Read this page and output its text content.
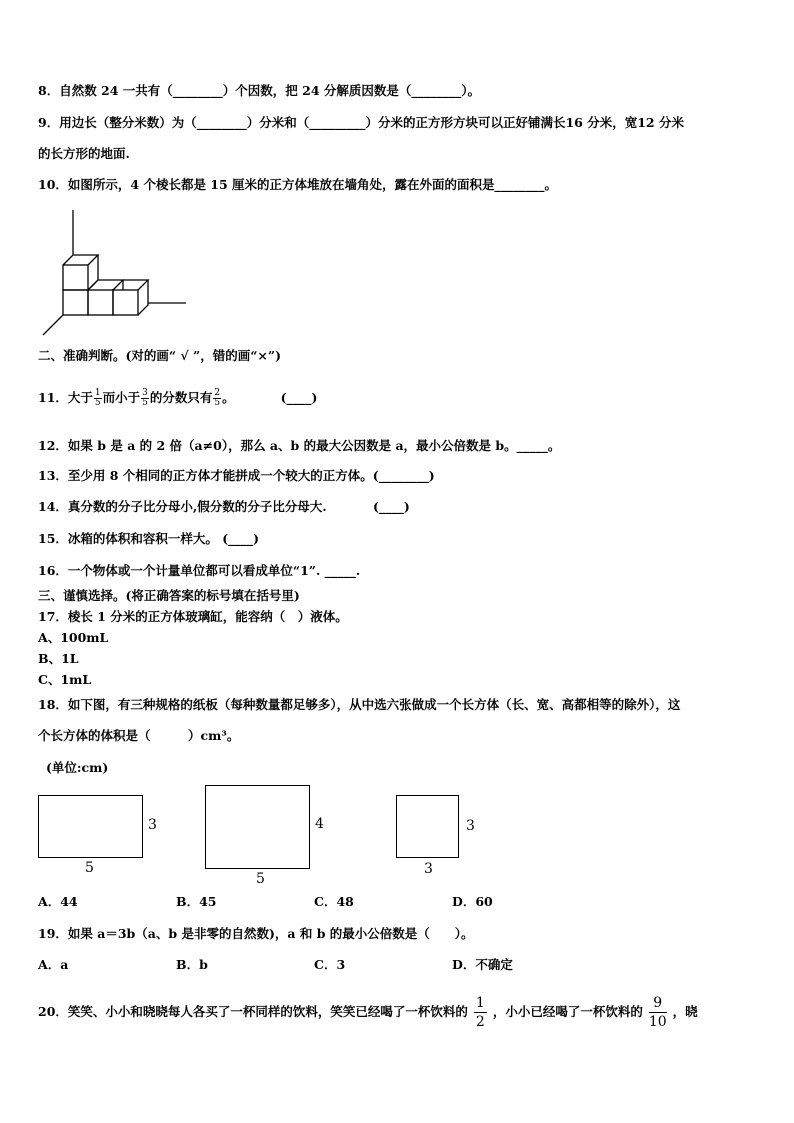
8．自然数 24 一共有（________）个因数，把 24 分解质因数是（________）。
9．用边长（整分米数）为（________）分米和（_________）分米的正方形方块可以正好铺满长16 分米，宽12 分米
的长方形的地面.
10．如图所示，4 个棱长都是 15 厘米的正方体堆放在墙角处，露在外面的面积是________。
二、准确判断。(对的画“ √ ”，错的画“×”)
11．大于 $\frac{1}{5}$ 而小于 $\frac{3}{5}$ 的分数只有 $\frac{2}{5}$ 。	(____)
12．如果 b 是 a 的 2 倍（a≠0），那么 a、b 的最大公因数是 a，最小公倍数是 b。_____。
13．至少用 8 个相同的正方体才能拼成一个较大的正方体。(________)
14．真分数的分子比分母小,假分数的分子比分母大.	(____)
15．冰箱的体积和容积一样大。 (____)
16．一个物体或一个计量单位都可以看成单位“1”. _____.
三、谨慎选择。(将正确答案的标号填在括号里)
17．棱长 1 分米的正方体玻璃缸，能容纳（　）液体。
A、100mL
B、1L
C、1mL
18．如下图，有三种规格的纸板（每种数量都足够多），从中选六张做成一个长方体（长、宽、高都相等的除外），这
个长方体的体积是（　　　）cm³。
(单位:cm)
3
5
4
5
3
3
A．44	B．45	C．48	D．60
19．如果 a＝3b（a、b 是非零的自然数)，a 和 b 的最小公倍数是（　　）。
A．a	B．b	C．3	D．不确定
20．笑笑、小小和晓晓每人各买了一杯同样的饮料，笑笑已经喝了一杯饮料的 $\frac{1}{2}$ ，小小已经喝了一杯饮料的 $\frac{9}{10}$ ，晓
